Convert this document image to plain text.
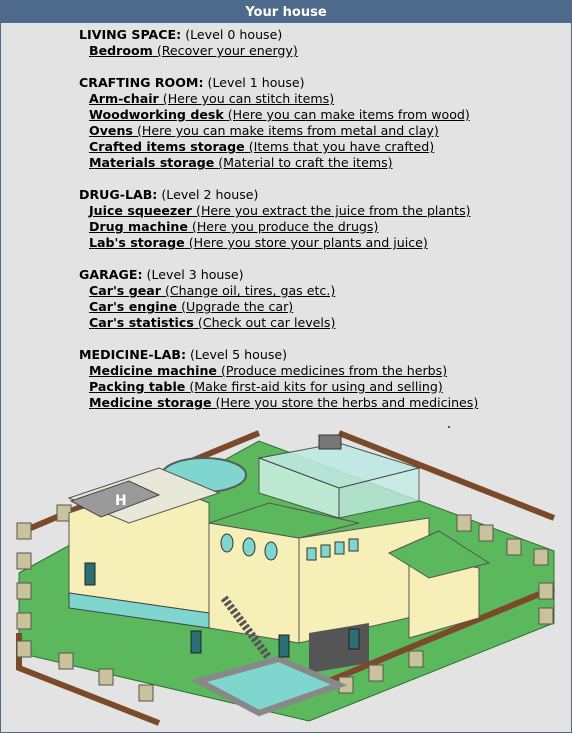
Your house
LIVING SPACE: (Level 0 house)
Bedroom (Recover your energy)
CRAFTING ROOM: (Level 1 house)
Arm-chair (Here you can stitch items)
Woodworking desk (Here you can make items from wood)
Ovens (Here you can make items from metal and clay)
Crafted items storage (Items that you have crafted)
Materials storage (Material to craft the items)
DRUG-LAB: (Level 2 house)
Juice squeezer (Here you extract the juice from the plants)
Drug machine (Here you produce the drugs)
Lab's storage (Here you store your plants and juice)
GARAGE: (Level 3 house)
Car's gear (Change oil, tires, gas etc.)
Car's engine (Upgrade the car)
Car's statistics (Check out car levels)
MEDICINE-LAB: (Level 5 house)
Medicine machine (Produce medicines from the herbs)
Packing table (Make first-aid kits for using and selling)
Medicine storage (Here you store the herbs and medicines)
H
